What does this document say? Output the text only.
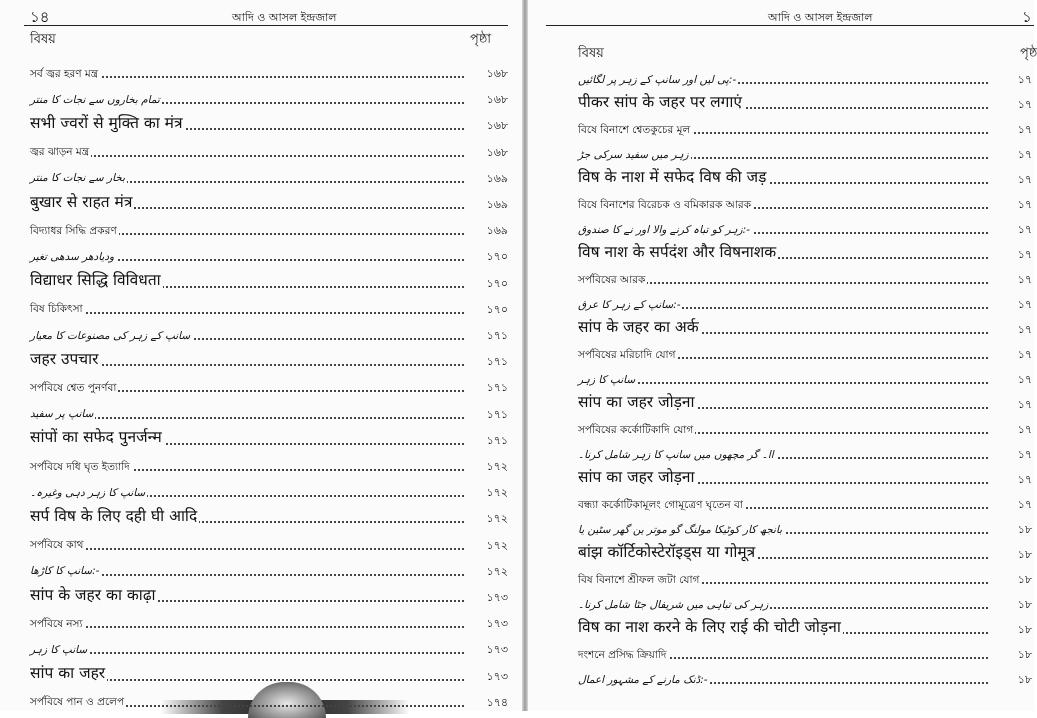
১৪	আদি ও আসল ইন্দ্রজাল
বিষয়	পৃষ্ঠা
সর্ব জ্বর হরণ মন্ত্র	১৬৮
تمام بخاروں سے نجات کا منتر	১৬৮
सभी ज्वरों से मुक्ति का मंत्र	১৬৮
জ্বর ঝাড়ন মন্ত্র	১৬৮
بخار سے نجات کا منتر	১৬৯
बुखार से राहत मंत्र	১৬৯
বিদ্যাধর সিদ্ধি প্রকরণ	১৬৯
ودیادھر سدھی تغیر	১৭০
विद्याधर सिद्धि विविधता	১৭০
বিষ চিকিৎসা	১৭০
سانپ کے زہر کی مصنوعات کا معیار	১৭১
जहर उपचार	১৭১
সর্পবিষে শ্বেত পুনর্ণবা	১৭১
سانپ پر سفید	১৭১
सांपों का सफेद पुनर्जन्म	১৭১
সর্পবিষে দধি ঘৃত ইত্যাদি	১৭২
سانپ کا زہر دہی وغیرہ۔	১৭২
सर्प विष के लिए दही घी आदि	১৭২
সর্পবিষে কাথ	১৭২
سانپ کا کاڑھا:-	১৭২
सांप के जहर का काढ़ा	১৭৩
সর্পবিষে নস্য	১৭৩
سانپ کا زہر	১৭৩
सांप का जहर	১৭৩
সর্পবিষে পান ও প্রলেপ	১৭৪
আদি ও আসল ইন্দ্রজাল	১
বিষয়	পৃষ্ঠ
پی لیں اور سانپ کے زہر پر لگائیں:-	১৭
पीकर सांप के जहर पर लगाएं	১৭
বিষে বিনাশে শ্বেতকুচের মূল	১৭
زہر میں سفید سرکی جڑ	১৭
विष के नाश में सफेद विष की जड़	১৭
বিষে বিনাশের বিরেচক ও বমিকারক আরক	১৭
زہر کو تباہ کرنے والا اور نے کا صندوق:-	১৭
विष नाश के सर्पदंश और विषनाशक	১৭
সর্পবিষের আরক	১৭
سانپ کے زہر کا عرق:-	১৭
सांप के जहर का अर्क	১৭
সর্পবিষের মরিচাদি যোগ	১৭
سانپ کا زہر	১৭
सांप का जहर जोड़ना	১৭
সর্পবিষের কর্কোটিকাদি যোগ	১৭
اا۔ گر مچھوں میں سانپ کا زہر شامل کرنا۔	১৭
सांप का जहर जोड़ना	১৭
বন্ধ্যা কর্কোটিকামূলং গোমূত্রেণ ঘৃতেন বা	১৭
بانجھ کار کوٹیکا مولنگ گو موتر ین گھر سٹین یا	১৮
बांझ कॉर्टिकोस्टेरॉइड्स या गोमूत्र	১৮
বিষ বিনাশে শ্রীফল জটা যোগ	১৮
زہر کی تباہی میں شریفال جٹا شامل کرنا۔	১৮
विष का नाश करने के लिए राई की चोटी जोड़ना	১৮
দংশনে প্রসিদ্ধ ক্রিয়াদি	১৮
ڈنک مارنے کے مشہور اعمال:-	১৮
